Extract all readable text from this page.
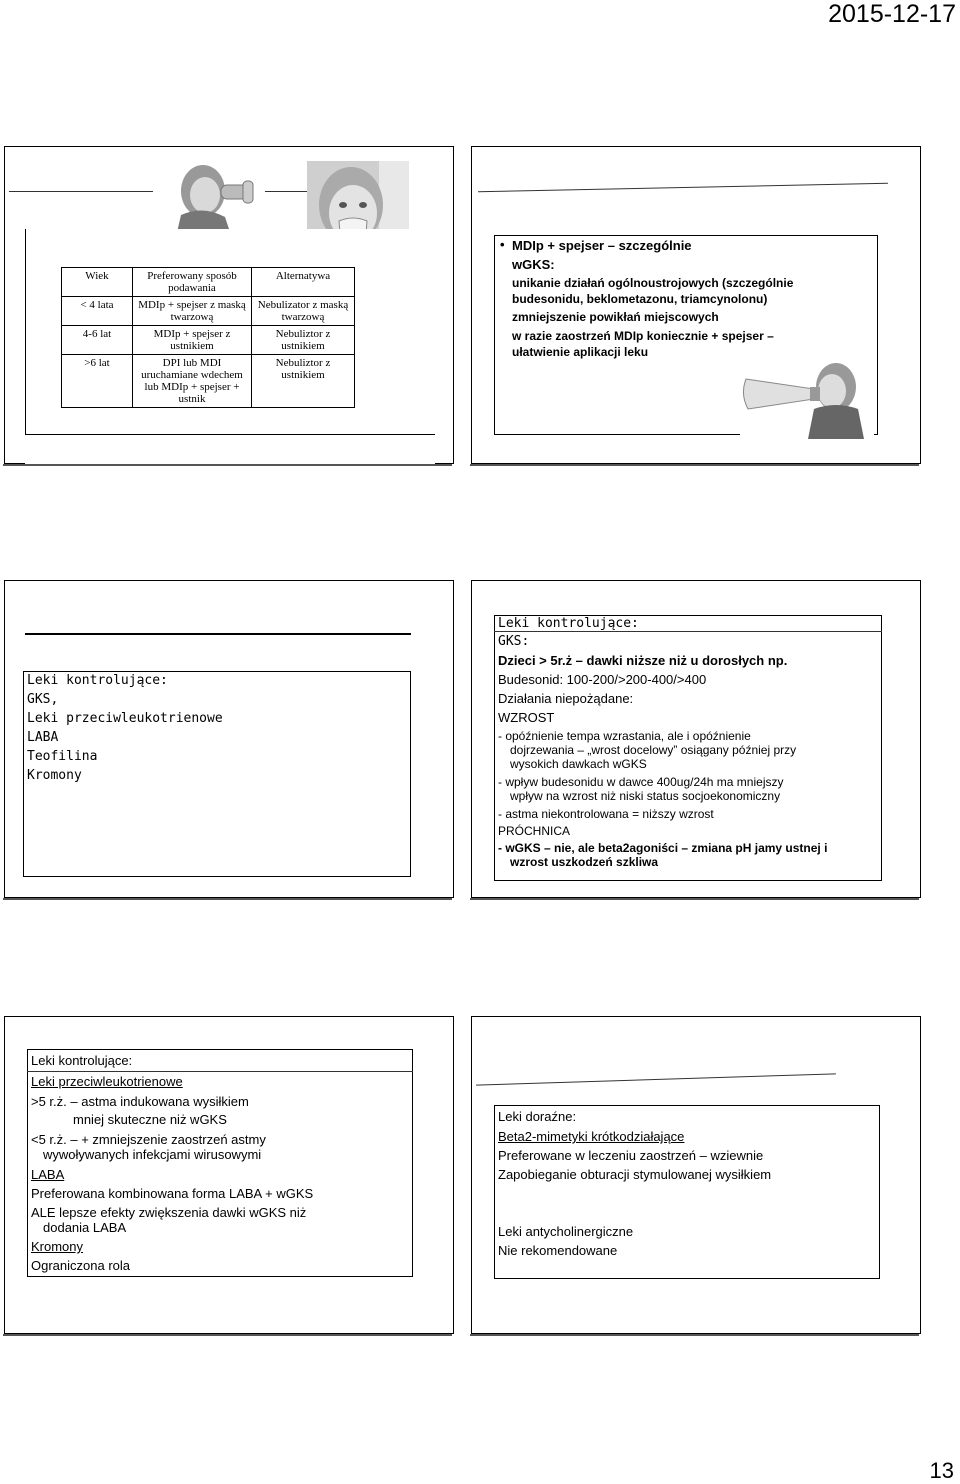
2015-12-17
Wiek	Preferowany sposób podawania	Alternatywa
< 4 lata	MDIp + spejser z maską twarzową	Nebulizator z maską twarzową
4-6 lat	MDIp + spejser z ustnikiem	Nebuliztor z ustnikiem
>6 lat	DPI lub MDI uruchamiane wdechem lub MDIp + spejser + ustnik	Nebuliztor z ustnikiem
• MDIp + spejser – szczególnie
wGKS:
unikanie działań ogólnoustrojowych (szczególnie
budesonidu, beklometazonu, triamcynolonu)
zmniejszenie powikłań miejscowych
w razie zaostrzeń MDIp koniecznie + spejser –
ułatwienie aplikacji leku
Leki kontrolujące:
GKS,
Leki przeciwleukotrienowe
LABA
Teofilina
Kromony
Leki kontrolujące:
GKS:
Dzieci > 5r.ż – dawki niższe niż u dorosłych np.
Budesonid: 100-200/>200-400/>400
Działania niepożądane:
WZROST
- opóźnienie tempa wzrastania, ale i opóźnienie
dojrzewania – „wrost docelowy” osiągany później przy
wysokich dawkach wGKS
- wpływ budesonidu w dawce 400ug/24h ma mniejszy
wpływ na wzrost niż niski status socjoekonomiczny
- astma niekontrolowana = niższy wzrost
PRÓCHNICA
- wGKS – nie, ale beta2agoniści – zmiana pH jamy ustnej i
wzrost uszkodzeń szkliwa
Leki kontrolujące:
Leki przeciwleukotrienowe
>5 r.ż. – astma indukowana wysiłkiem
mniej skuteczne niż wGKS
<5 r.ż. – + zmniejszenie zaostrzeń astmy
wywoływanych infekcjami wirusowymi
LABA
Preferowana kombinowana forma LABA + wGKS
ALE lepsze efekty zwiększenia dawki wGKS niż
dodania LABA
Kromony
Ograniczona rola
Leki doraźne:
Beta2-mimetyki krótkodziałające
Preferowane w leczeniu zaostrzeń – wziewnie
Zapobieganie obturacji stymulowanej wysiłkiem
Leki antycholinergiczne
Nie rekomendowane
13
